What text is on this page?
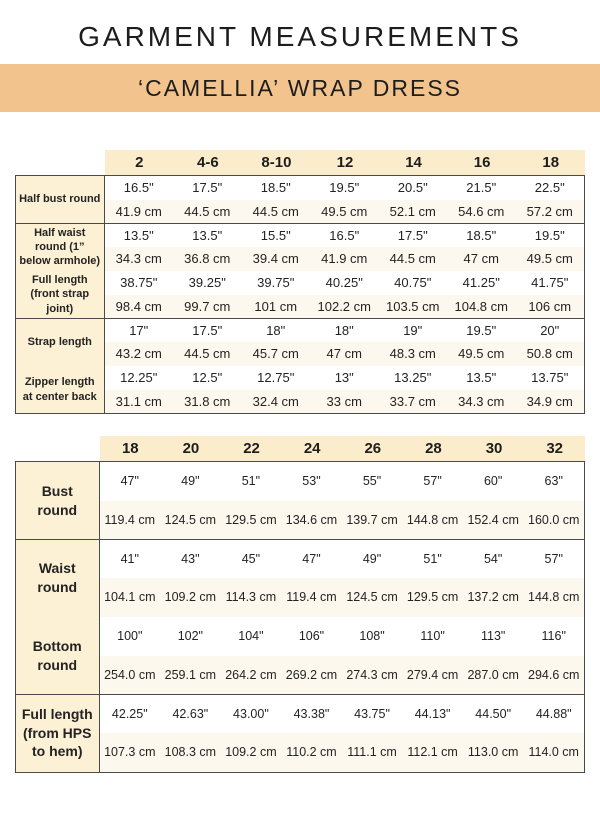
GARMENT MEASUREMENTS
‘CAMELLIA’ WRAP DRESS
2	4-6	8-10	12	14	16	18
Half bust round
16.5"	17.5"	18.5"	19.5"	20.5"	21.5"	22.5"
41.9 cm	44.5 cm	44.5 cm	49.5 cm	52.1 cm	54.6 cm	57.2 cm
Half waist round (1” below armhole)
13.5"	13.5"	15.5"	16.5"	17.5"	18.5"	19.5"
34.3 cm	36.8 cm	39.4 cm	41.9 cm	44.5 cm	47 cm	49.5 cm
Full length (front strap joint)
38.75"	39.25"	39.75"	40.25"	40.75"	41.25"	41.75"
98.4 cm	99.7 cm	101 cm	102.2 cm	103.5 cm	104.8 cm	106 cm
Strap length
17"	17.5"	18"	18"	19"	19.5"	20"
43.2 cm	44.5 cm	45.7 cm	47 cm	48.3 cm	49.5 cm	50.8 cm
Zipper length at center back
12.25"	12.5"	12.75"	13"	13.25"	13.5"	13.75"
31.1 cm	31.8 cm	32.4 cm	33 cm	33.7 cm	34.3 cm	34.9 cm
18	20	22	24	26	28	30	32
Bust round
47"	49"	51"	53"	55"	57"	60"	63"
119.4 cm 124.5 cm 129.5 cm 134.6 cm 139.7 cm 144.8 cm 152.4 cm 160.0 cm
Waist round
41"	43"	45"	47"	49"	51"	54"	57"
104.1 cm 109.2 cm 114.3 cm 119.4 cm 124.5 cm 129.5 cm 137.2 cm 144.8 cm
Bottom round
100"	102"	104"	106"	108"	110"	113"	116"
254.0 cm 259.1 cm 264.2 cm 269.2 cm 274.3 cm 279.4 cm 287.0 cm 294.6 cm
Full length (from HPS to hem)
42.25"	42.63"	43.00"	43.38"	43.75"	44.13"	44.50"	44.88"
107.3 cm 108.3 cm 109.2 cm 110.2 cm 111.1 cm 112.1 cm 113.0 cm 114.0 cm
